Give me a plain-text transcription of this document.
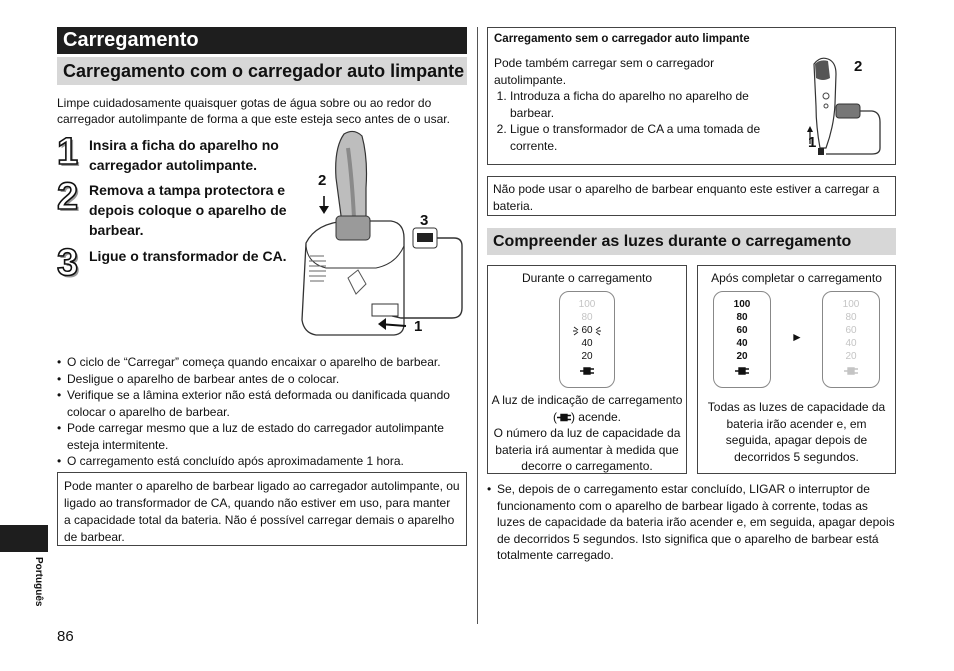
Carregamento
Carregamento com o carregador auto limpante
Limpe cuidadosamente quaisquer gotas de água sobre ou ao redor do carregador autolimpante de forma a que este esteja seco antes de o usar.
1 Insira a ficha do aparelho no carregador autolimpante.
2 Remova a tampa protectora e depois coloque o aparelho de barbear.
3 Ligue o transformador de CA.
2
3
1
• O ciclo de “Carregar” começa quando encaixar o aparelho de barbear.
• Desligue o aparelho de barbear antes de o colocar.
• Verifique se a lâmina exterior não está deformada ou danificada quando colocar o aparelho de barbear.
• Pode carregar mesmo que a luz de estado do carregador autolimpante esteja intermitente.
• O carregamento está concluído após aproximadamente 1 hora.
Pode manter o aparelho de barbear ligado ao carregador autolimpante, ou ligado ao transformador de CA, quando não estiver em uso, para manter a capacidade total da bateria. Não é possível carregar demais o aparelho de barbear.
Carregamento sem o carregador auto limpante
Pode também carregar sem o carregador autolimpante.
1. Introduza a ficha do aparelho no aparelho de barbear.
2. Ligue o transformador de CA a uma tomada de corrente.
2
1
Não pode usar o aparelho de barbear enquanto este estiver a carregar a bateria.
Compreender as luzes durante o carregamento
Durante o carregamento
100
80
60
40
20
A luz de indicação de carregamento ( ) acende.
O número da luz de capacidade da bateria irá aumentar à medida que decorre o carregamento.
Após completar o carregamento
100
80
60
40
20
►
100
80
60
40
20
Todas as luzes de capacidade da bateria irão acender e, em seguida, apagar depois de decorridos 5 segundos.
• Se, depois de o carregamento estar concluído, LIGAR o interruptor de funcionamento com o aparelho de barbear ligado à corrente, todas as luzes de capacidade da bateria irão acender e, em seguida, apagar depois de decorridos 5 segundos. Isto significa que o aparelho de barbear está totalmente carregado.
Português
86
